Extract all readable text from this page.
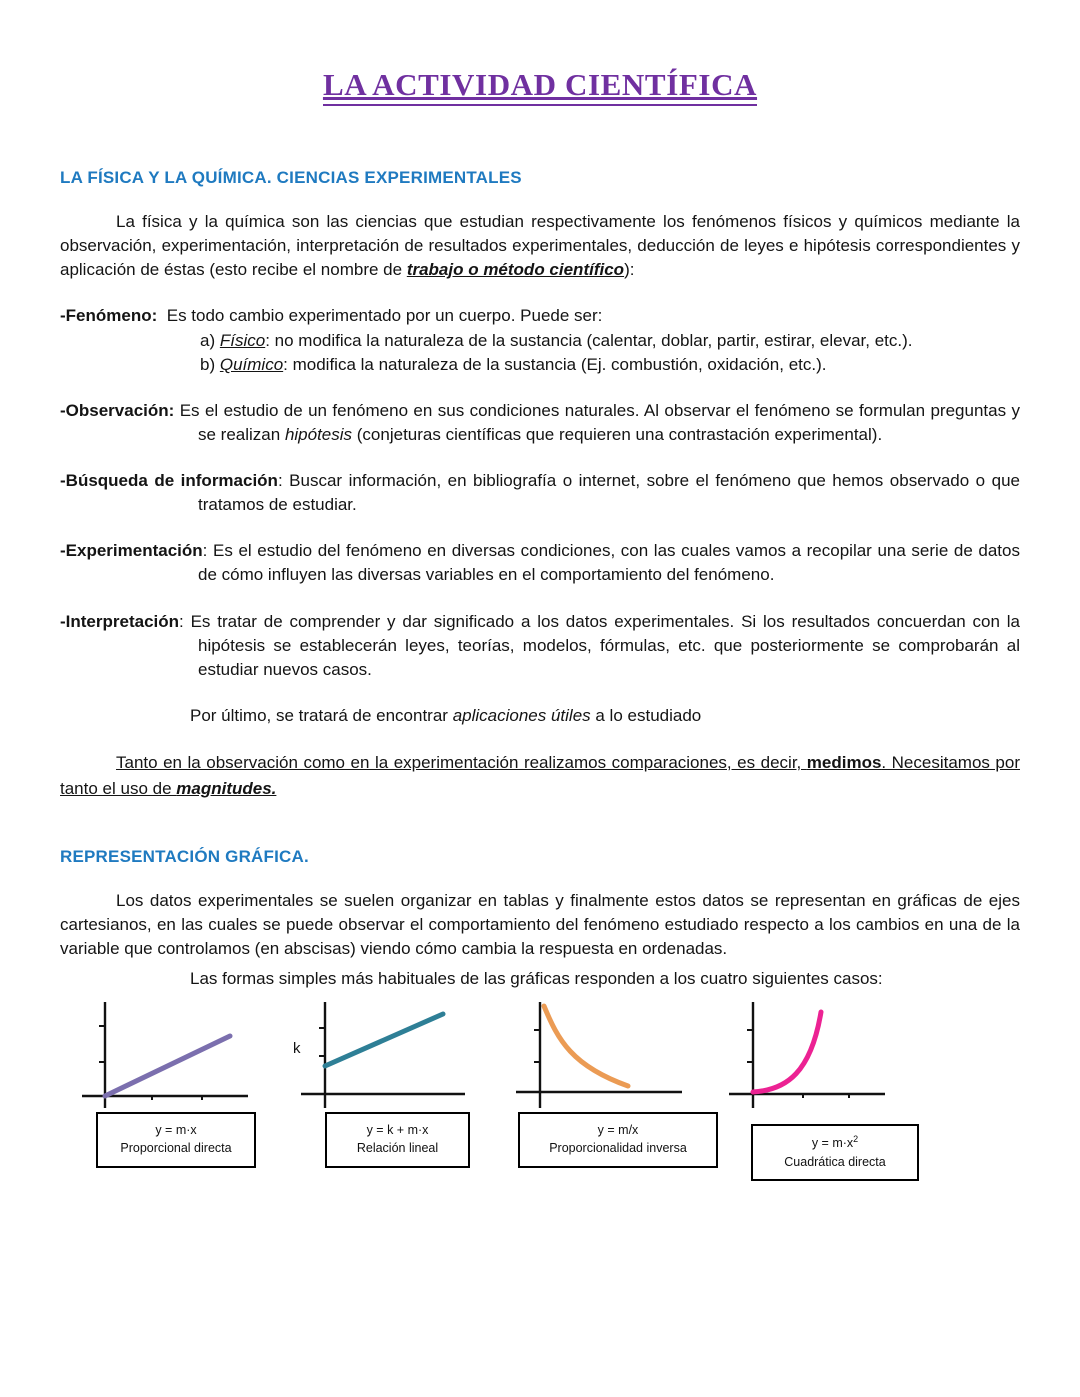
LA ACTIVIDAD CIENTÍFICA
LA FÍSICA Y LA QUÍMICA. CIENCIAS EXPERIMENTALES

La física y la química son las ciencias que estudian respectivamente los fenómenos físicos y químicos mediante la observación, experimentación, interpretación de resultados experimentales, deducción de leyes e hipótesis correspondientes y aplicación de éstas (esto recibe el nombre de trabajo o método científico):

-Fenómeno: Es todo cambio experimentado por un cuerpo. Puede ser:

a) Físico: no modifica la naturaleza de la sustancia (calentar, doblar, partir, estirar, elevar, etc.).

b) Químico: modifica la naturaleza de la sustancia (Ej. combustión, oxidación, etc.).

-Observación: Es el estudio de un fenómeno en sus condiciones naturales. Al observar el fenómeno se formulan preguntas y se realizan hipótesis (conjeturas científicas que requieren una contrastación experimental).

-Búsqueda de información: Buscar información, en bibliografía o internet, sobre el fenómeno que hemos observado o que tratamos de estudiar.

-Experimentación: Es el estudio del fenómeno en diversas condiciones, con las cuales vamos a recopilar una serie de datos de cómo influyen las diversas variables en el comportamiento del fenómeno.

-Interpretación: Es tratar de comprender y dar significado a los datos experimentales. Si los resultados concuerdan con la hipótesis se establecerán leyes, teorías, modelos, fórmulas, etc. que posteriormente se comprobarán al estudiar nuevos casos.

Por último, se tratará de encontrar aplicaciones útiles a lo estudiado

Tanto en la observación como en la experimentación realizamos comparaciones, es decir, medimos. Necesitamos por tanto el uso de magnitudes.

REPRESENTACIÓN GRÁFICA.

Los datos experimentales se suelen organizar en tablas y finalmente estos datos se representan en gráficas de ejes cartesianos, en las cuales se puede observar el comportamiento del fenómeno estudiado respecto a los cambios en una de la variable que controlamos (en abscisas) viendo cómo cambia la respuesta en ordenadas.

Las formas simples más habituales de las gráficas responden a los cuatro siguientes casos:

y = m·x
Proporcional directa
k
y = k + m·x
Relación lineal
y = m/x
Proporcionalidad inversa	$y = m\cdot x^2$
Cuadrática directa
